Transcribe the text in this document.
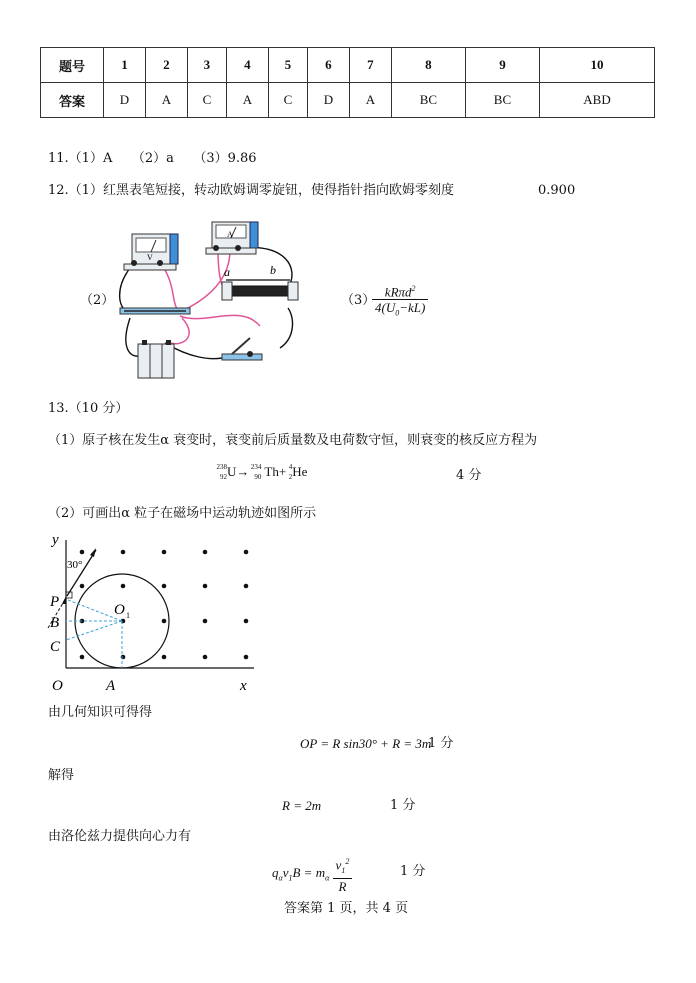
题号	1	2	3	4	5	6	7	8	9	10
答案	D	A	C	A	C	D	A	BC	BC	ABD
11.（1）A　　（2）a　　（3）9.86
12.（1）红黑表笔短接，转动欧姆调零旋钮，使得指针指向欧姆零刻度	0.900
（2）
V
A
a	b
（3）
$\frac{kR\pi d^2}{4(U_0-kL)}$
13.（10 分）
（1）原子核在发生α 衰变时，衰变前后质量数及电荷数守恒，则衰变的核反应方程为
238
92 U→ 234
90 Th+ 4
2 He	4 分
（2）可画出α 粒子在磁场中运动轨迹如图所示
y
x
O	A
P
B
C
O 1
30°
由几何知识可得得
OP = R sin30° + R = 3m
1 分
解得
R = 2m	1 分
由洛伦兹力提供向心力有
$q_\alpha v_1B = m_\alpha \frac{v_1^2}{R}$	1 分
答案第 1 页，共 4 页
